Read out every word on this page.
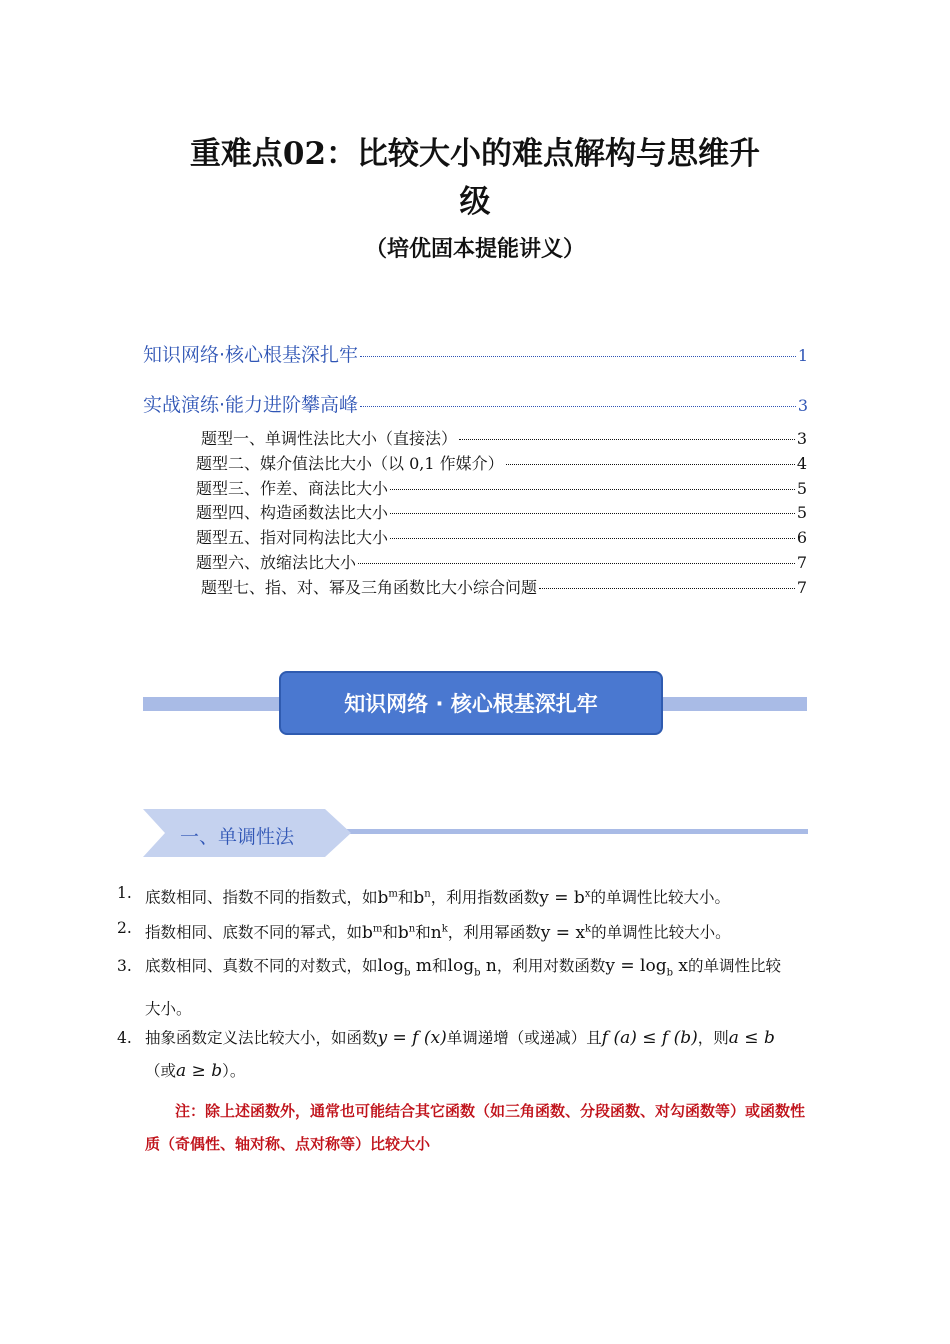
重难点02：比较大小的难点解构与思维升
级
（培优固本提能讲义）
知识网络·核心根基深扎牢	1
实战演练·能力进阶攀高峰	3
题型一、单调性法比大小（直接法）	3
题型二、媒介值法比大小（以 0,1 作媒介）	4
题型三、作差、商法比大小	5
题型四、构造函数法比大小	5
题型五、指对同构法比大小	6
题型六、放缩法比大小	7
题型七、指、对、幂及三角函数比大小综合问题	7
知识网络 · 核心根基深扎牢
一、单调性法
1. 底数相同、指数不同的指数式，如$b^m$和$b^n$，利用指数函数$y = b^x$的单调性比较大小。
2. 指数相同、底数不同的幂式，如$b^m$和$b^n$和$n^k$，利用幂函数$y = x^k$的单调性比较大小。
3. 底数相同、真数不同的对数式，如$\log_b m$和$\log_b n$，利用对数函数$y = \log_b x$的单调性比较
大小。
4. 抽象函数定义法比较大小，如函数y = f (x)单调递增（或递减）且f (a) ≤ f (b)，则a ≤ b
（或a ≥ b）。
注：除上述函数外，通常也可能结合其它函数（如三角函数、分段函数、对勾函数等）或函数性质（奇偶性、轴对称、点对称等）比较大小
